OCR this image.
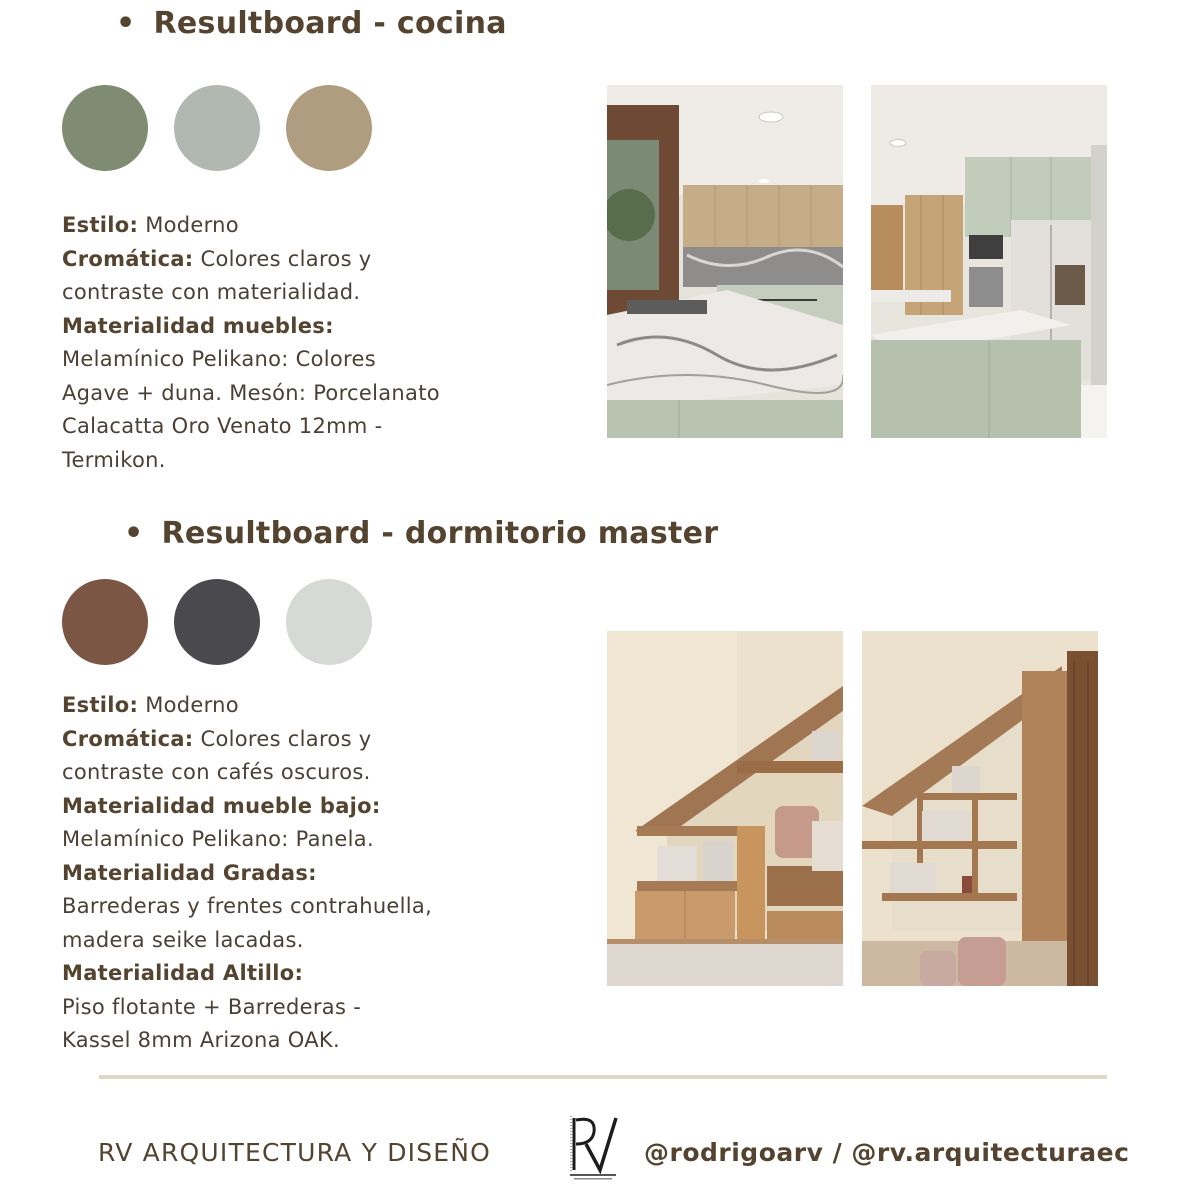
• Resultboard - cocina
Estilo: Moderno
Cromática: Colores claros y
contraste con materialidad.
Materialidad muebles:
Melamínico Pelikano: Colores
Agave + duna. Mesón: Porcelanato
Calacatta Oro Venato 12mm -
Termikon.
• Resultboard - dormitorio master
Estilo: Moderno
Cromática: Colores claros y
contraste con cafés oscuros.
Materialidad mueble bajo:
Melamínico Pelikano: Panela.
Materialidad Gradas:
Barrederas y frentes contrahuella,
madera seike lacadas.
Materialidad Altillo:
Piso flotante + Barrederas -
Kassel 8mm Arizona OAK.
RV ARQUITECTURA Y DISEÑO	@rodrigoarv / @rv.arquitecturaec
